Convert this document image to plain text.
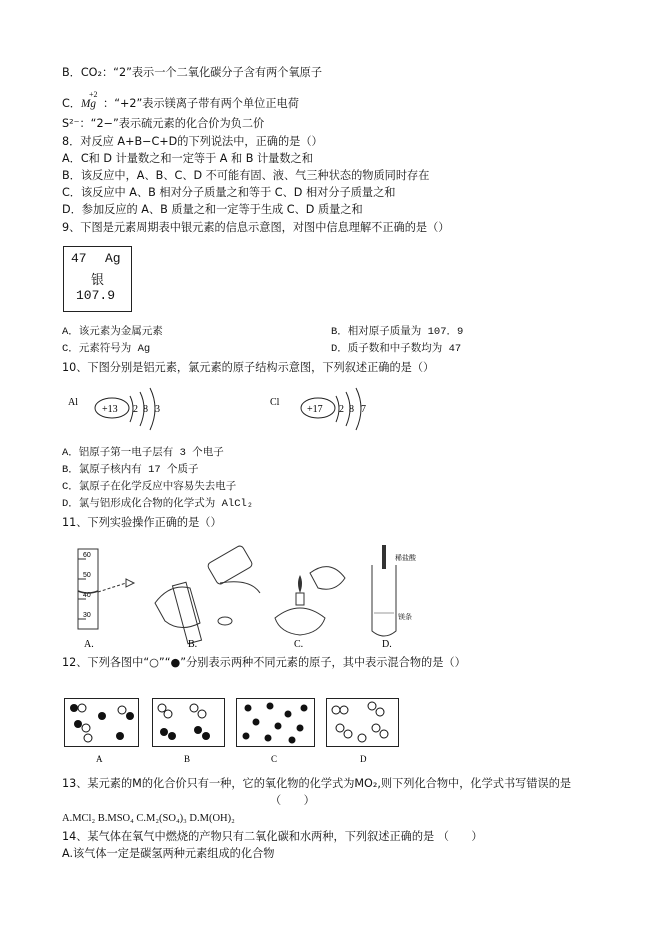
B．CO₂：“2”表示一个二氧化碳分子含有两个氧原子
C．Mg
+2
：“+2”表示镁离子带有两个单位正电荷
S²⁻：“2−”表示硫元素的化合价为负二价
8．对反应 A+B−C+D的下列说法中，正确的是（）
A．C和 D 计量数之和一定等于 A 和 B 计量数之和
B．该反应中，A、B、C、D 不可能有固、液、气三种状态的物质同时存在
C．该反应中 A、B 相对分子质量之和等于 C、D 相对分子质量之和
D．参加反应的 A、B 质量之和一定等于生成 C、D 质量之和
9、下图是元素周期表中银元素的信息示意图，对图中信息理解不正确的是（）
47 Ag
银
107.9
A．该元素为金属元素	B．相对原子质量为 107．9
C．元素符号为 Ag	D．质子数和中子数均为 47
10、下图分别是铝元素，氯元素的原子结构示意图，下列叙述正确的是（）
Al
+13 2 8 3
Cl
+17 2 8 7
A．铝原子第一电子层有 3 个电子
B．氯原子核内有 17 个质子
C．氯原子在化学反应中容易失去电子
D．氯与铝形成化合物的化学式为 AlCl₂
11、下列实验操作正确的是（）
60
50
40
30
A.	B.	C.	D.
稀盐酸
镁条
12、下列各图中“○”“●”分别表示两种不同元素的原子，其中表示混合物的是（）
A	B	C	D
13、某元素的M的化合价只有一种，它的氧化物的化学式为MO₂,则下列化合物中，化学式书写错误的是
（　　）
A.MCl₂ B.MSO₄ C.M₂(SO₄)₃ D.M(OH)₂
14、某气体在氧气中燃烧的产物只有二氧化碳和水两种，下列叙述正确的是 （　　）
A.该气体一定是碳氢两种元素组成的化合物
